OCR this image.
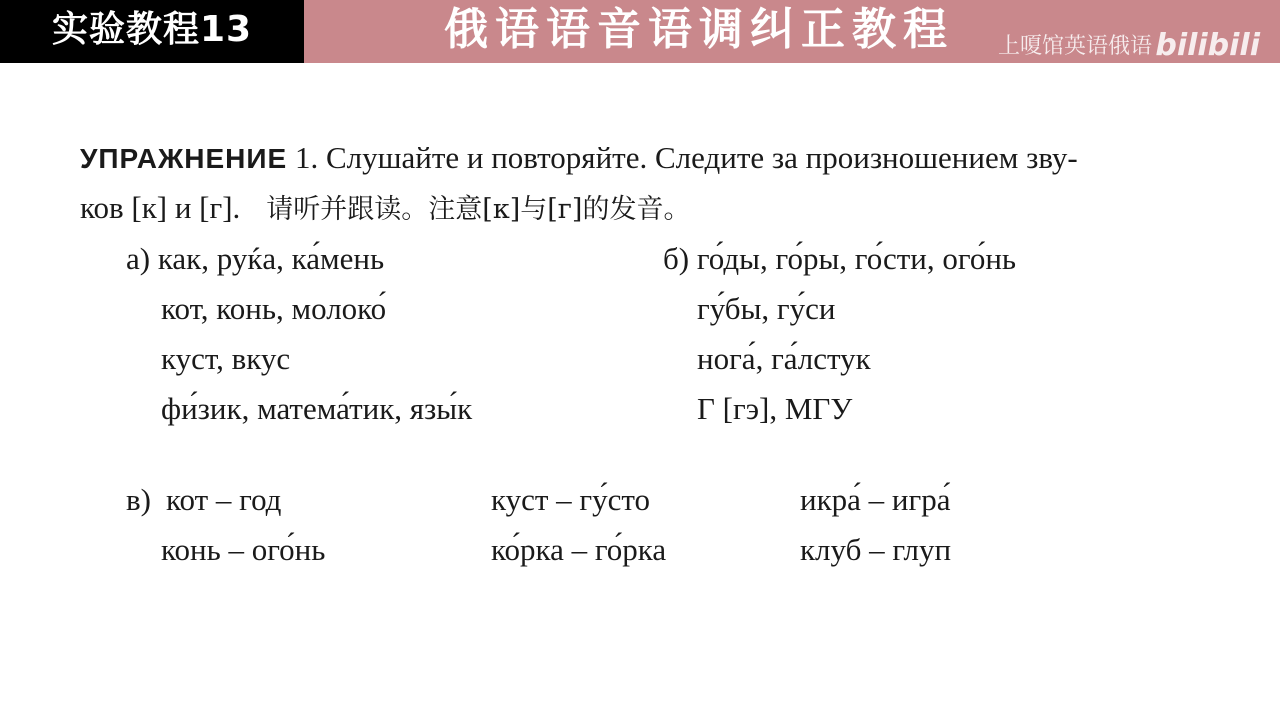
实验教程13	俄语语音语调纠正教程 上嗄馆英语俄语 bilibili
УПРАЖНЕНИЕ 1. Слушайте и повторяйте. Следите за произношением зву-
ков [к] и [г]. 请听并跟读。注意[к]与[г]的发音。
а) как, руќа, ка́мень
кот, конь, молоко́
куст, вкус
фи́зик, матема́тик, язы́к
б) го́ды, го́ры, го́сти, ого́нь
гу́бы, гу́си
нога́, га́лстук
Г [гэ], МГУ
в) кот – год
конь – ого́нь
куст – гу́сто
ко́рка – го́рка
икра́ – игра́
клуб – глуп
